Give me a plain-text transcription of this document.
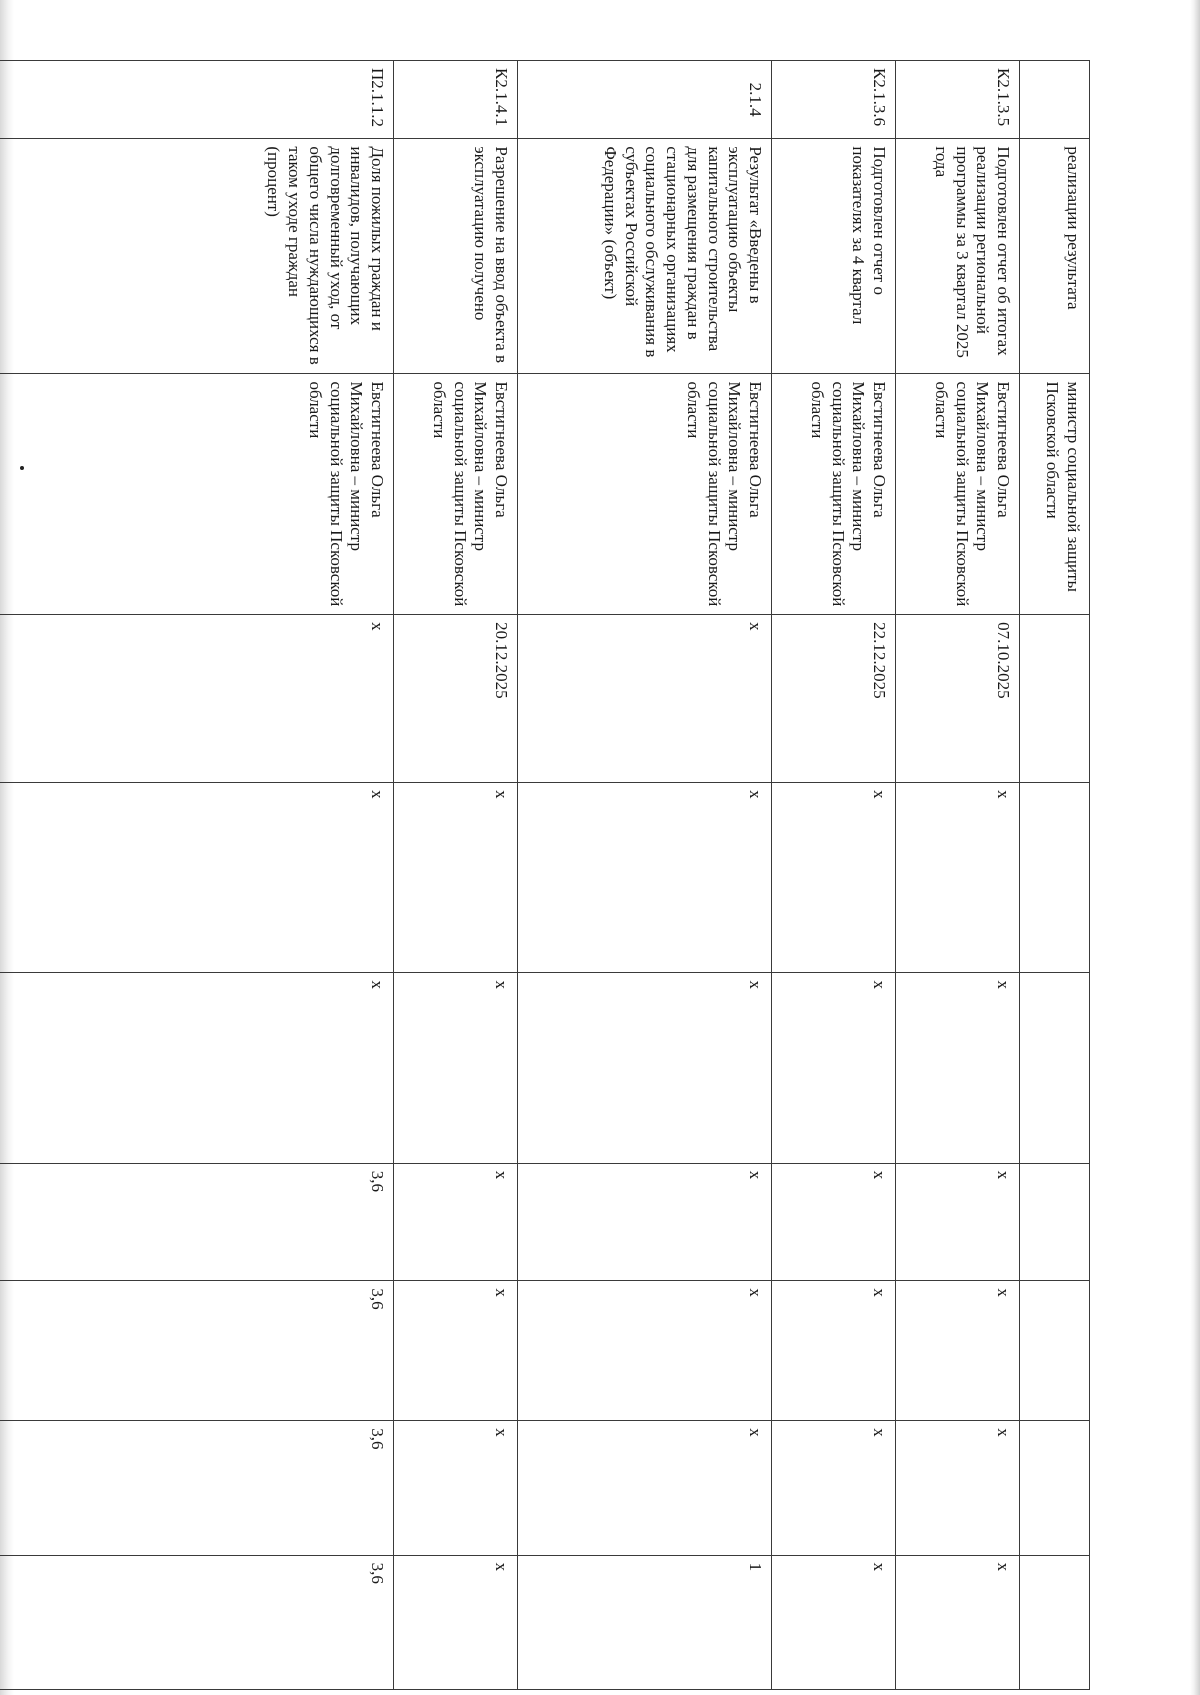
	реализации результата	министр социальной защиты Псковской области							
К2.1.3.5	Подготовлен отчет об итогах реализации региональной программы за 3 квартал 2025 года	Евстигнеева Ольга Михайловна – министр социальной защиты Псковской области	07.10.2025	х	х	х	х	х	х
К2.1.3.6	Подготовлен отчет о показателях за 4 квартал	Евстигнеева Ольга Михайловна – министр социальной защиты Псковской области	22.12.2025	х	х	х	х	х	х
2.1.4	Результат «Введены в эксплуатацию объекты капитального строительства для размещения граждан в стационарных организациях социального обслуживания в субъектах Российской Федерации» (объект)	Евстигнеева Ольга Михайловна – министр социальной защиты Псковской области	х	х	х	х	х	х	1
К2.1.4.1	Разрешение на ввод объекта в эксплуатацию получено	Евстигнеева Ольга Михайловна – министр социальной защиты Псковской области	20.12.2025	х	х	х	х	х	х
П2.1.1.2	Доля пожилых граждан и инвалидов, получающих долговременный уход, от общего числа нуждающихся в таком уходе граждан (процент)	Евстигнеева Ольга Михайловна – министр социальной защиты Псковской области	х	х	х	3,6	3,6	3,6	3,6
